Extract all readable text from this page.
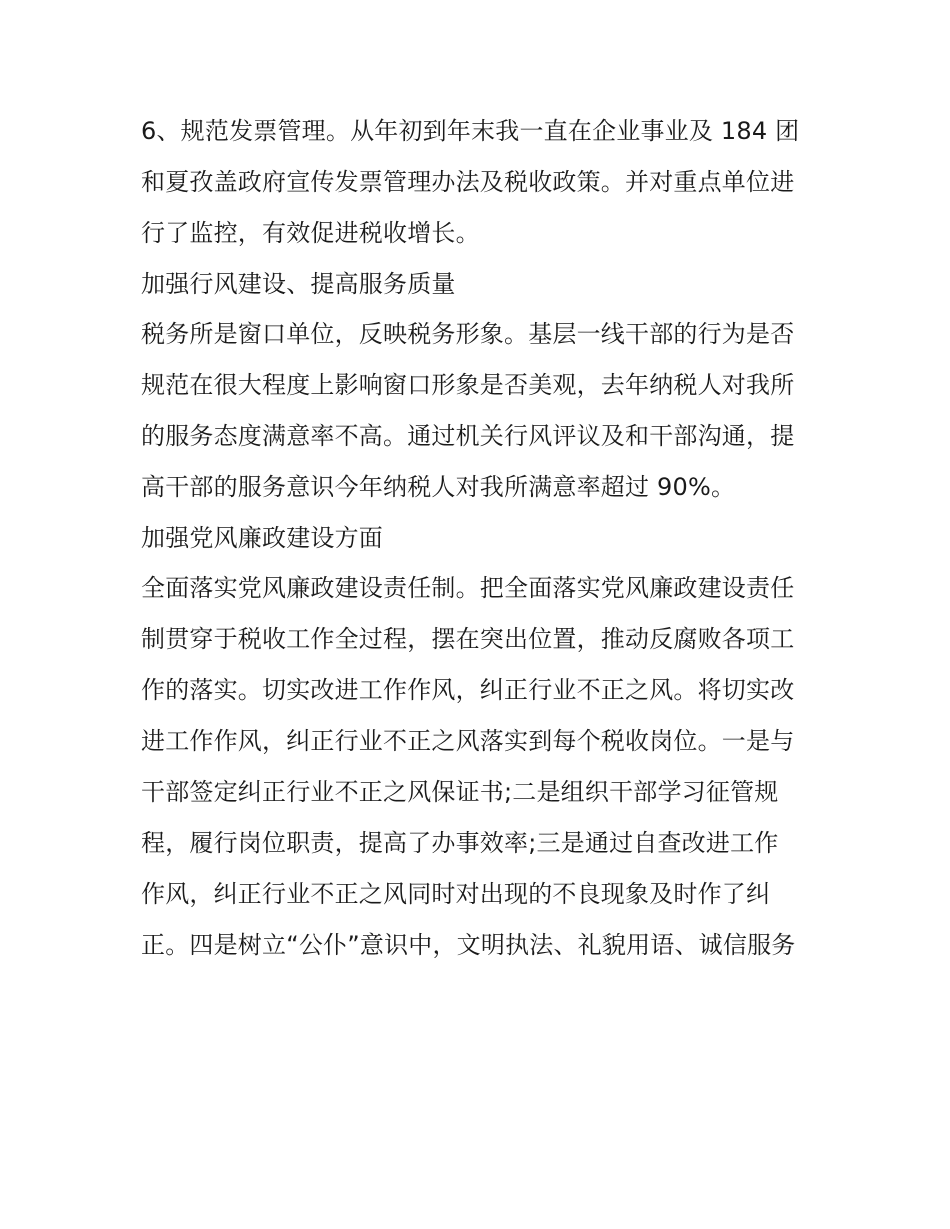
6、规范发票管理。从年初到年末我一直在企业事业及 184 团
和夏孜盖政府宣传发票管理办法及税收政策。并对重点单位进
行了监控，有效促进税收增长。
加强行风建设、提高服务质量
税务所是窗口单位，反映税务形象。基层一线干部的行为是否
规范在很大程度上影响窗口形象是否美观，去年纳税人对我所
的服务态度满意率不高。通过机关行风评议及和干部沟通，提
高干部的服务意识今年纳税人对我所满意率超过 90%。
加强党风廉政建设方面
全面落实党风廉政建设责任制。把全面落实党风廉政建设责任
制贯穿于税收工作全过程，摆在突出位置，推动反腐败各项工
作的落实。切实改进工作作风，纠正行业不正之风。将切实改
进工作作风，纠正行业不正之风落实到每个税收岗位。一是与
干部签定纠正行业不正之风保证书;二是组织干部学习征管规
程，履行岗位职责，提高了办事效率;三是通过自查改进工作
作风，纠正行业不正之风同时对出现的不良现象及时作了纠
正。四是树立“公仆”意识中，文明执法、礼貌用语、诚信服务
